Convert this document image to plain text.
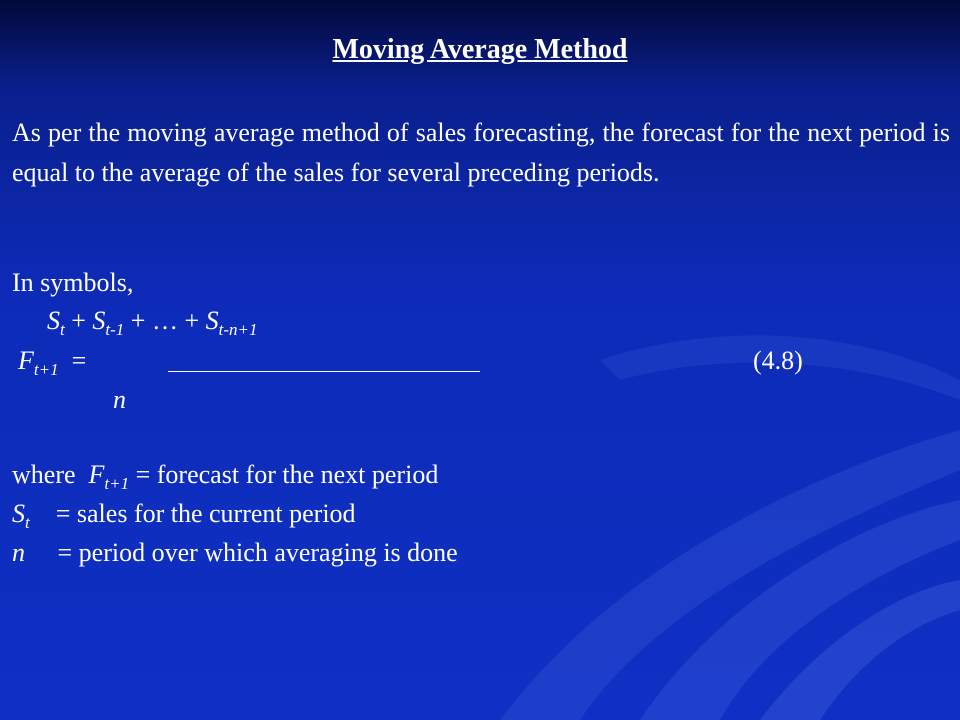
Moving Average Method
As per the moving average method of sales forecasting, the forecast for the next period is equal to the average of the sales for several preceding periods.
In symbols,
$S_t + S_{t-1}$ + … + $S_{t-n+1}$
$F_{t+1}$ =	(4.8)
n
where $F_{t+1}$ = forecast for the next period
$S_t$ = sales for the current period
n = period over which averaging is done
